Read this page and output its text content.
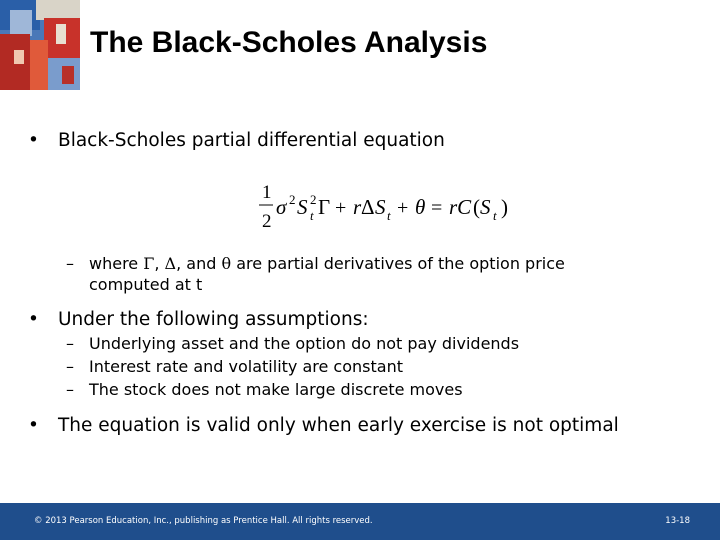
The Black-Scholes Analysis
• Black-Scholes partial differential equation
1
2
σ 2 S 2
t Γ + r Δ S t + θ = rC ( S t )
– where Γ, Δ, and θ are partial derivatives of the option price
computed at t
• Under the following assumptions:
– Underlying asset and the option do not pay dividends
– Interest rate and volatility are constant
– The stock does not make large discrete moves
• The equation is valid only when early exercise is not optimal
© 2013 Pearson Education, Inc., publishing as Prentice Hall. All rights reserved.	13-18
